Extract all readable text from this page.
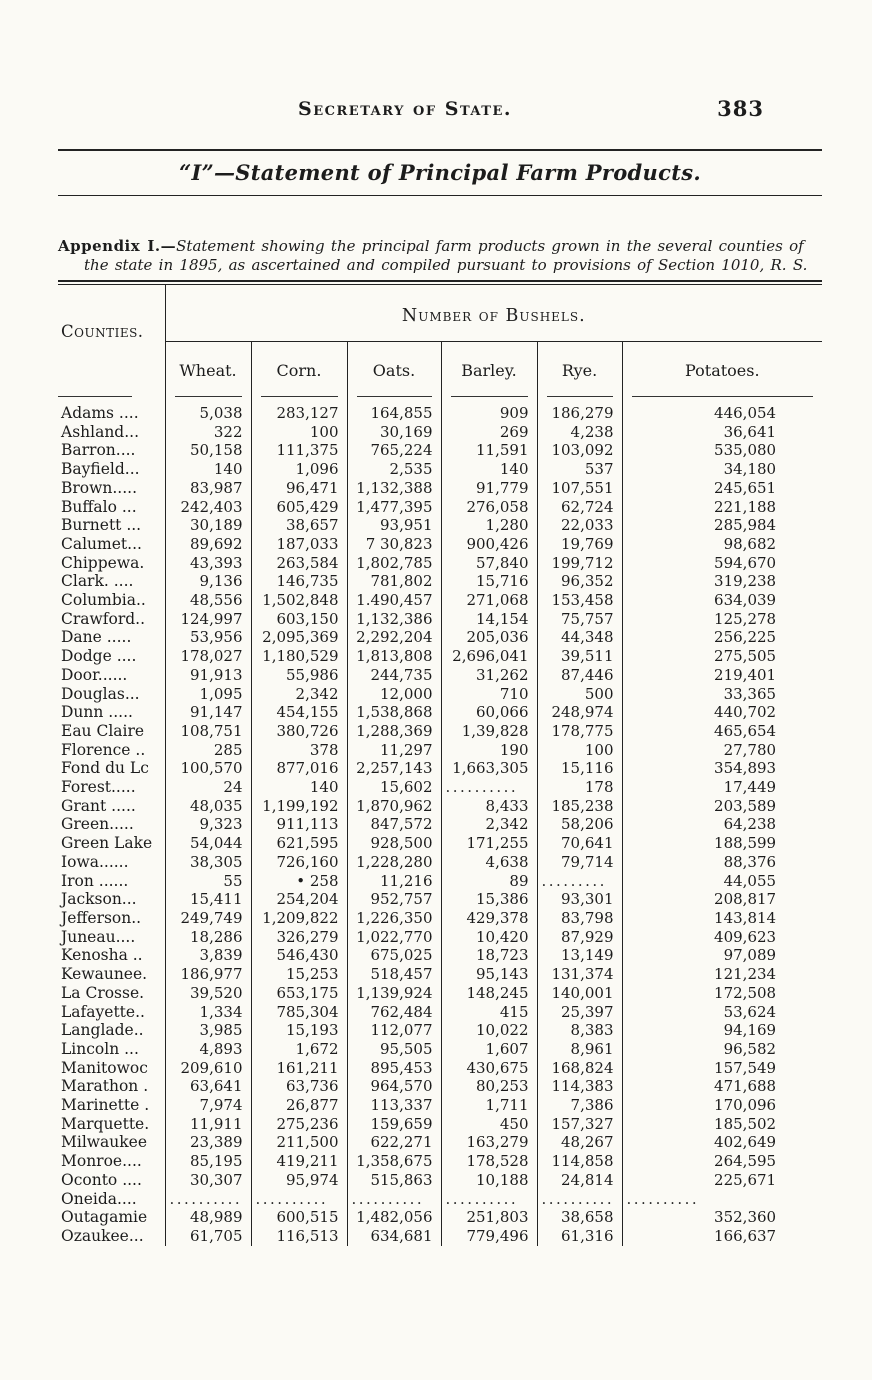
Secretary of State.	383
“I”—Statement of Principal Farm Products.

Appendix I.—Statement showing the principal farm products grown in the several counties of the state in 1895, as ascertained and compiled pursuant to provisions of Section 1010, R. S.

Counties.	Number of Bushels.					
	Wheat.	Corn.	Oats.	Barley.	Rye.	Potatoes.
Adams ....	5,038	283,127	164,855	909	186,279	446,054
Ashland...	322	100	30,169	269	4,238	36,641
Barron....	50,158	111,375	765,224	11,591	103,092	535,080
Bayfield...	140	1,096	2,535	140	537	34,180
Brown.....	83,987	96,471	1,132,388	91,779	107,551	245,651
Buffalo ...	242,403	605,429	1,477,395	276,058	62,724	221,188
Burnett ...	30,189	38,657	93,951	1,280	22,033	285,984
Calumet...	89,692	187,033	7 30,823	900,426	19,769	98,682
Chippewa.	43,393	263,584	1,802,785	57,840	199,712	594,670
Clark. ....	9,136	146,735	781,802	15,716	96,352	319,238
Columbia..	48,556	1,502,848	1.490,457	271,068	153,458	634,039
Crawford..	124,997	603,150	1,132,386	14,154	75,757	125,278
Dane .....	53,956	2,095,369	2,292,204	205,036	44,348	256,225
Dodge ....	178,027	1,180,529	1,813,808	2,696,041	39,511	275,505
Door......	91,913	55,986	244,735	31,262	87,446	219,401
Douglas...	1,095	2,342	12,000	710	500	33,365
Dunn .....	91,147	454,155	1,538,868	60,066	248,974	440,702
Eau Claire	108,751	380,726	1,288,369	1,39,828	178,775	465,654
Florence ..	285	378	11,297	190	100	27,780
Fond du Lc	100,570	877,016	2,257,143	1,663,305	15,116	354,893
Forest.....	24	140	15,602	..........	178	17,449
Grant .....	48,035	1,199,192	1,870,962	8,433	185,238	203,589
Green.....	9,323	911,113	847,572	2,342	58,206	64,238
Green Lake	54,044	621,595	928,500	171,255	70,641	188,599
Iowa......	38,305	726,160	1,228,280	4,638	79,714	88,376
Iron ......	55	• 258	11,216	89	.........	44,055
Jackson...	15,411	254,204	952,757	15,386	93,301	208,817
Jefferson..	249,749	1,209,822	1,226,350	429,378	83,798	143,814
Juneau....	18,286	326,279	1,022,770	10,420	87,929	409,623
Kenosha ..	3,839	546,430	675,025	18,723	13,149	97,089
Kewaunee.	186,977	15,253	518,457	95,143	131,374	121,234
La Crosse.	39,520	653,175	1,139,924	148,245	140,001	172,508
Lafayette..	1,334	785,304	762,484	415	25,397	53,624
Langlade..	3,985	15,193	112,077	10,022	8,383	94,169
Lincoln ...	4,893	1,672	95,505	1,607	8,961	96,582
Manitowoc	209,610	161,211	895,453	430,675	168,824	157,549
Marathon .	63,641	63,736	964,570	80,253	114,383	471,688
Marinette .	7,974	26,877	113,337	1,711	7,386	170,096
Marquette.	11,911	275,236	159,659	450	157,327	185,502
Milwaukee	23,389	211,500	622,271	163,279	48,267	402,649
Monroe....	85,195	419,211	1,358,675	178,528	114,858	264,595
Oconto ....	30,307	95,974	515,863	10,188	24,814	225,671
Oneida....	..........	..........	..........	..........	..........	..........
Outagamie	48,989	600,515	1,482,056	251,803	38,658	352,360
Ozaukee...	61,705	116,513	634,681	779,496	61,316	166,637
